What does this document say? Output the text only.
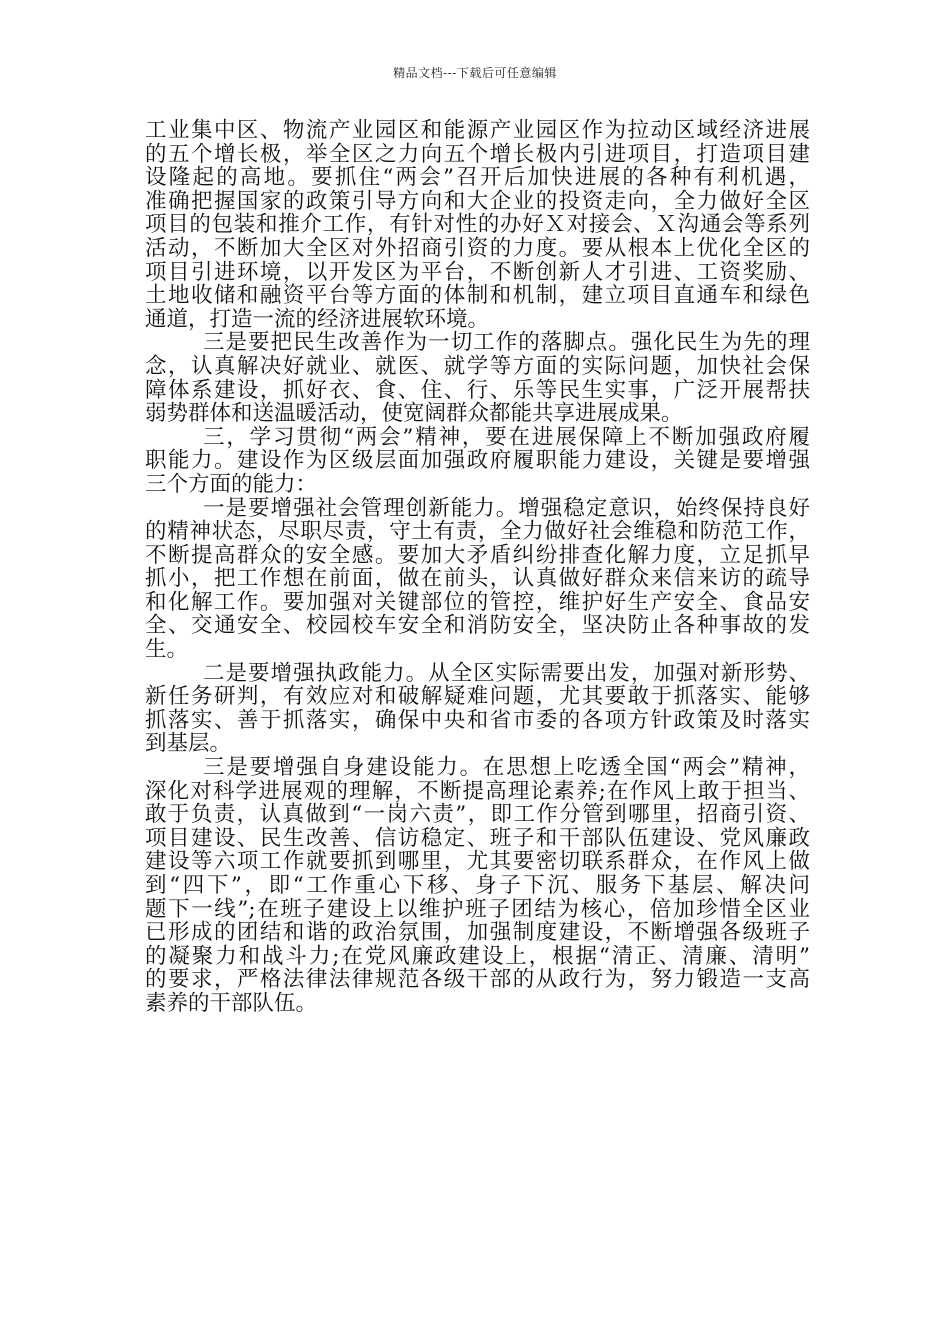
精品文档---下载后可任意编辑
工业集中区、物流产业园区和能源产业园区作为拉动区域经济进展
的五个增长极，举全区之力向五个增长极内引进项目，打造项目建
设隆起的高地。要抓住“两会”召开后加快进展的各种有利机遇，
准确把握国家的政策引导方向和大企业的投资走向，全力做好全区
项目的包装和推介工作，有针对性的办好Ｘ对接会、Ｘ沟通会等系列
活动，不断加大全区对外招商引资的力度。要从根本上优化全区的
项目引进环境，以开发区为平台，不断创新人才引进、工资奖励、
土地收储和融资平台等方面的体制和机制，建立项目直通车和绿色
通道，打造一流的经济进展软环境。
三是要把民生改善作为一切工作的落脚点。强化民生为先的理
念，认真解决好就业、就医、就学等方面的实际问题，加快社会保
障体系建设，抓好衣、食、住、行、乐等民生实事，广泛开展帮扶
弱势群体和送温暖活动，使宽阔群众都能共享进展成果。
三，学习贯彻“两会”精神，要在进展保障上不断加强政府履
职能力。建设作为区级层面加强政府履职能力建设，关键是要增强
三个方面的能力：
一是要增强社会管理创新能力。增强稳定意识，始终保持良好
的精神状态，尽职尽责，守土有责，全力做好社会维稳和防范工作，
不断提高群众的安全感。要加大矛盾纠纷排查化解力度，立足抓早
抓小，把工作想在前面，做在前头，认真做好群众来信来访的疏导
和化解工作。要加强对关键部位的管控，维护好生产安全、食品安
全、交通安全、校园校车安全和消防安全，坚决防止各种事故的发
生。
二是要增强执政能力。从全区实际需要出发，加强对新形势、
新任务研判，有效应对和破解疑难问题，尤其要敢于抓落实、能够
抓落实、善于抓落实，确保中央和省市委的各项方针政策及时落实
到基层。
三是要增强自身建设能力。在思想上吃透全国“两会”精神，
深化对科学进展观的理解，不断提高理论素养;在作风上敢于担当、
敢于负责，认真做到“一岗六责”，即工作分管到哪里，招商引资、
项目建设、民生改善、信访稳定、班子和干部队伍建设、党风廉政
建设等六项工作就要抓到哪里，尤其要密切联系群众，在作风上做
到“四下”，即“工作重心下移、身子下沉、服务下基层、解决问
题下一线”;在班子建设上以维护班子团结为核心，倍加珍惜全区业
已形成的团结和谐的政治氛围，加强制度建设，不断增强各级班子
的凝聚力和战斗力;在党风廉政建设上，根据“清正、清廉、清明”
的要求，严格法律法律规范各级干部的从政行为，努力锻造一支高
素养的干部队伍。
